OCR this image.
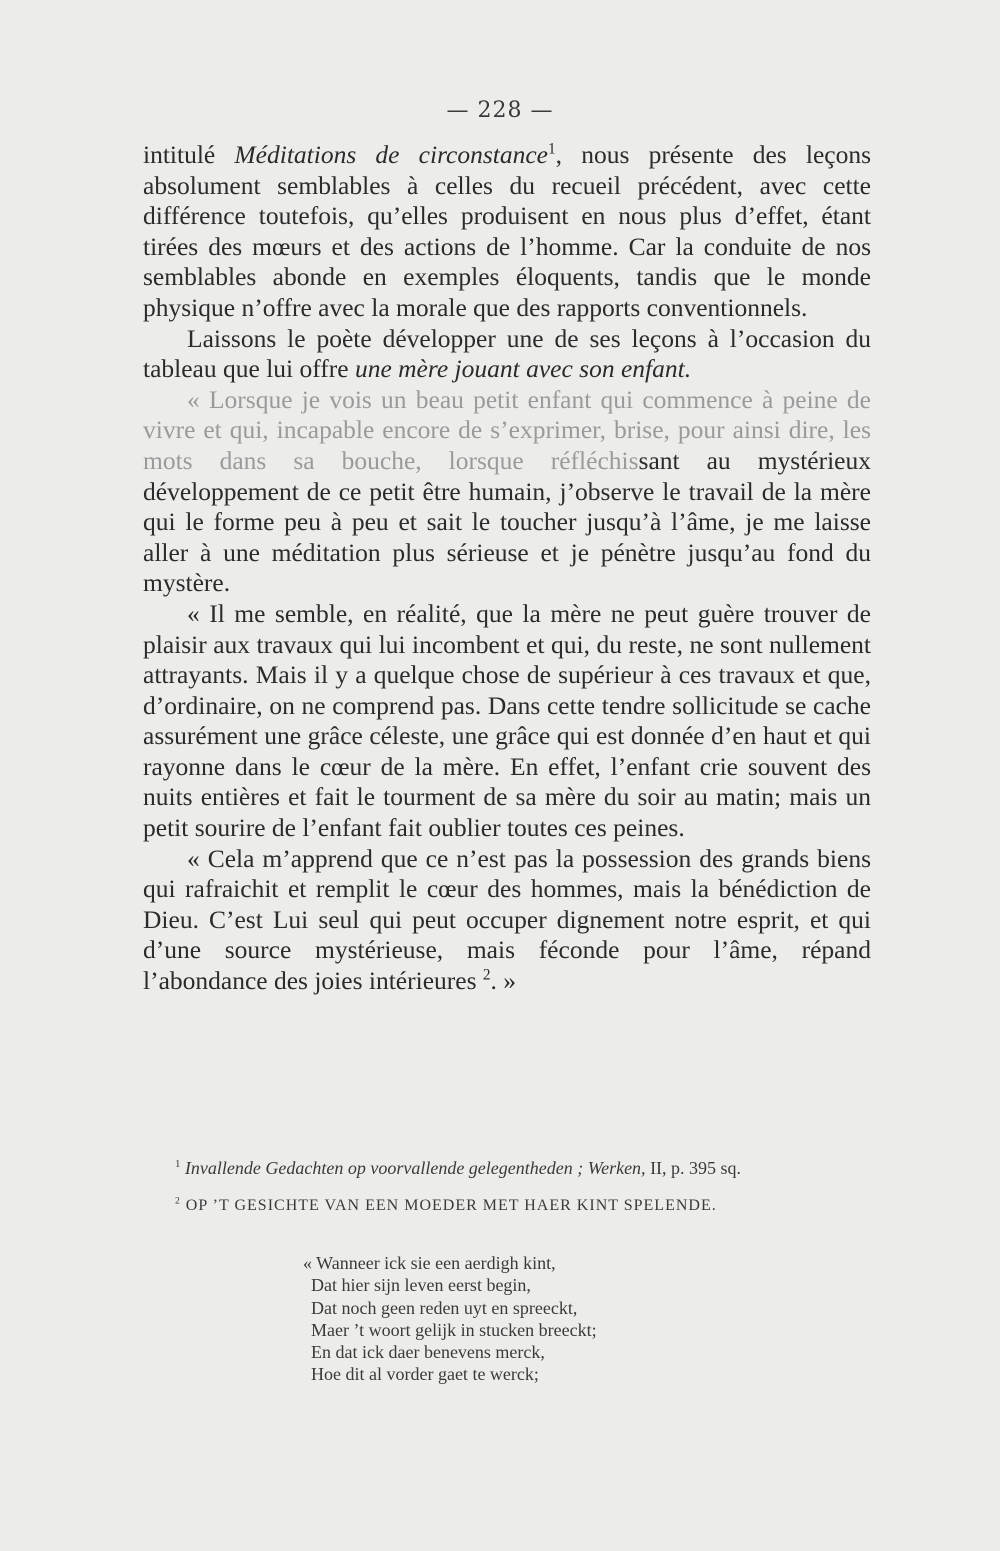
— 228 —

intitulé Méditations de circonstance$^1$, nous présente des leçons absolument semblables à celles du recueil précédent, avec cette différence toutefois, qu’elles produisent en nous plus d’effet, étant tirées des mœurs et des actions de l’homme. Car la conduite de nos semblables abonde en exemples éloquents, tandis que le monde physique n’offre avec la morale que des rapports conventionnels.

Laissons le poète développer une de ses leçons à l’occasion du tableau que lui offre une mère jouant avec son enfant.

« Lorsque je vois un beau petit enfant qui commence à peine de vivre et qui, incapable encore de s’exprimer, brise, pour ainsi dire, les mots dans sa bouche, lorsque réfléchissant au mystérieux développement de ce petit être humain, j’observe le travail de la mère qui le forme peu à peu et sait le toucher jusqu’à l’âme, je me laisse aller à une méditation plus sérieuse et je pénètre jusqu’au fond du mystère.

« Il me semble, en réalité, que la mère ne peut guère trouver de plaisir aux travaux qui lui incombent et qui, du reste, ne sont nullement attrayants. Mais il y a quelque chose de supérieur à ces travaux et que, d’ordinaire, on ne comprend pas. Dans cette tendre sollicitude se cache assurément une grâce céleste, une grâce qui est donnée d’en haut et qui rayonne dans le cœur de la mère. En effet, l’enfant crie souvent des nuits entières et fait le tourment de sa mère du soir au matin; mais un petit sourire de l’enfant fait oublier toutes ces peines.

« Cela m’apprend que ce n’est pas la possession des grands biens qui rafraichit et remplit le cœur des hommes, mais la bénédiction de Dieu. C’est Lui seul qui peut occuper dignement notre esprit, et qui d’une source mystérieuse, mais féconde pour l’âme, répand l’abondance des joies intérieures $^2$. »

$^1$ Invallende Gedachten op voorvallende gelegentheden ; Werken, II, p. 395 sq.

$^2$ OP ’T GESICHTE VAN EEN MOEDER MET HAER KINT SPELENDE.

« Wanneer ick sie een aerdigh kint,
Dat hier sijn leven eerst begin,
Dat noch geen reden uyt en spreeckt,
Maer ’t woort gelijk in stucken breeckt;
En dat ick daer benevens merck,
Hoe dit al vorder gaet te werck;
